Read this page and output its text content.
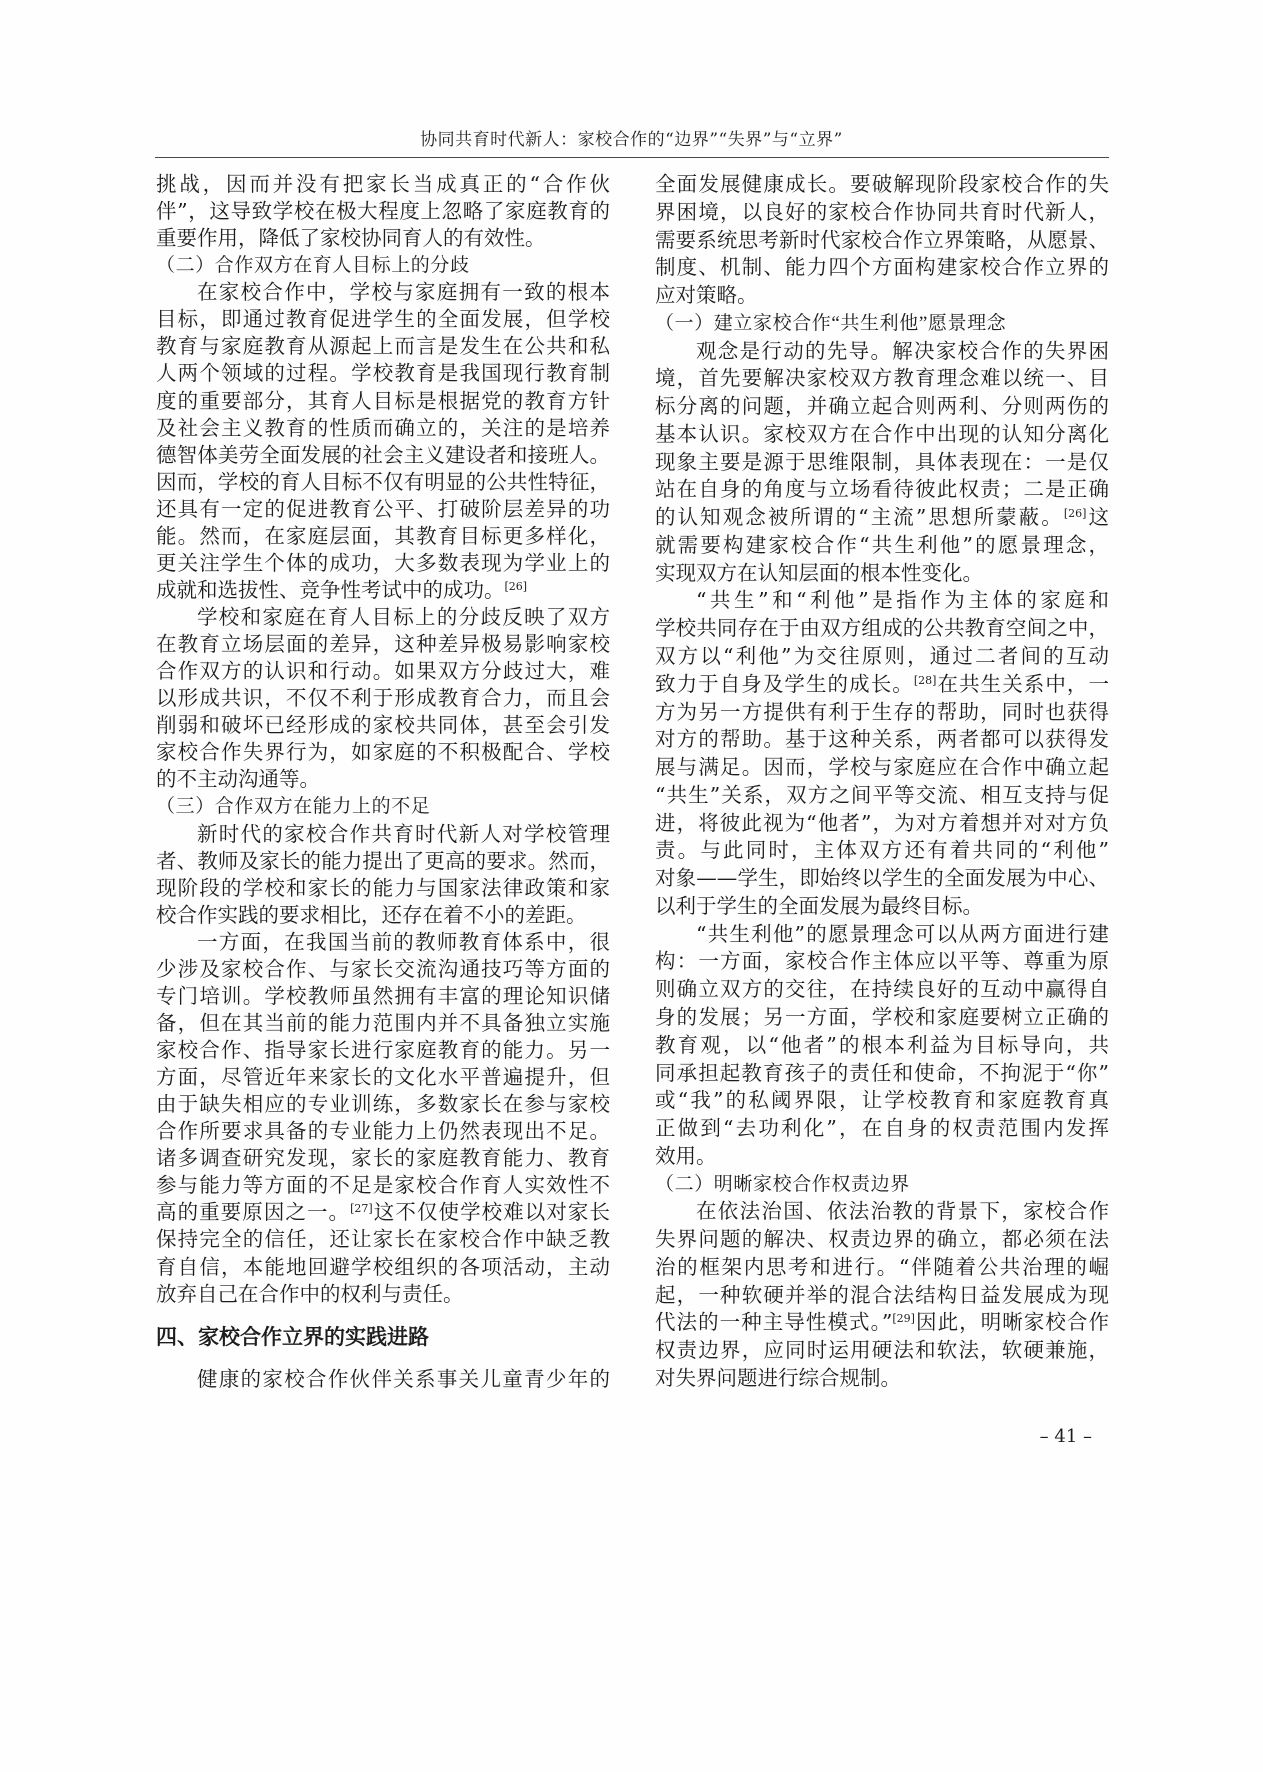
协同共育时代新人：家校合作的“边界”“失界”与“立界”
挑战，因而并没有把家长当成真正的“合作伙
伴”，这导致学校在极大程度上忽略了家庭教育的
重要作用，降低了家校协同育人的有效性。
（二）合作双方在育人目标上的分歧
在家校合作中，学校与家庭拥有一致的根本
目标，即通过教育促进学生的全面发展，但学校
教育与家庭教育从源起上而言是发生在公共和私
人两个领域的过程。学校教育是我国现行教育制
度的重要部分，其育人目标是根据党的教育方针
及社会主义教育的性质而确立的，关注的是培养
德智体美劳全面发展的社会主义建设者和接班人。
因而，学校的育人目标不仅有明显的公共性特征，
还具有一定的促进教育公平、打破阶层差异的功
能。然而，在家庭层面，其教育目标更多样化，
更关注学生个体的成功，大多数表现为学业上的
成就和选拔性、竞争性考试中的成功。[26]
学校和家庭在育人目标上的分歧反映了双方
在教育立场层面的差异，这种差异极易影响家校
合作双方的认识和行动。如果双方分歧过大，难
以形成共识，不仅不利于形成教育合力，而且会
削弱和破坏已经形成的家校共同体，甚至会引发
家校合作失界行为，如家庭的不积极配合、学校
的不主动沟通等。
（三）合作双方在能力上的不足
新时代的家校合作共育时代新人对学校管理
者、教师及家长的能力提出了更高的要求。然而，
现阶段的学校和家长的能力与国家法律政策和家
校合作实践的要求相比，还存在着不小的差距。
一方面，在我国当前的教师教育体系中，很
少涉及家校合作、与家长交流沟通技巧等方面的
专门培训。学校教师虽然拥有丰富的理论知识储
备，但在其当前的能力范围内并不具备独立实施
家校合作、指导家长进行家庭教育的能力。另一
方面，尽管近年来家长的文化水平普遍提升，但
由于缺失相应的专业训练，多数家长在参与家校
合作所要求具备的专业能力上仍然表现出不足。
诸多调查研究发现，家长的家庭教育能力、教育
参与能力等方面的不足是家校合作育人实效性不
高的重要原因之一。[27]这不仅使学校难以对家长
保持完全的信任，还让家长在家校合作中缺乏教
育自信，本能地回避学校组织的各项活动，主动
放弃自己在合作中的权利与责任。
四、家校合作立界的实践进路
健康的家校合作伙伴关系事关儿童青少年的
全面发展健康成长。要破解现阶段家校合作的失
界困境，以良好的家校合作协同共育时代新人，
需要系统思考新时代家校合作立界策略，从愿景、
制度、机制、能力四个方面构建家校合作立界的
应对策略。
（一）建立家校合作“共生利他”愿景理念
观念是行动的先导。解决家校合作的失界困
境，首先要解决家校双方教育理念难以统一、目
标分离的问题，并确立起合则两利、分则两伤的
基本认识。家校双方在合作中出现的认知分离化
现象主要是源于思维限制，具体表现在：一是仅
站在自身的角度与立场看待彼此权责；二是正确
的认知观念被所谓的“主流”思想所蒙蔽。[26]这
就需要构建家校合作“共生利他”的愿景理念，
实现双方在认知层面的根本性变化。
“共生”和“利他”是指作为主体的家庭和
学校共同存在于由双方组成的公共教育空间之中，
双方以“利他”为交往原则，通过二者间的互动
致力于自身及学生的成长。[28]在共生关系中，一
方为另一方提供有利于生存的帮助，同时也获得
对方的帮助。基于这种关系，两者都可以获得发
展与满足。因而，学校与家庭应在合作中确立起
“共生”关系，双方之间平等交流、相互支持与促
进，将彼此视为“他者”，为对方着想并对对方负
责。与此同时，主体双方还有着共同的“利他”
对象——学生，即始终以学生的全面发展为中心、
以利于学生的全面发展为最终目标。
“共生利他”的愿景理念可以从两方面进行建
构：一方面，家校合作主体应以平等、尊重为原
则确立双方的交往，在持续良好的互动中赢得自
身的发展；另一方面，学校和家庭要树立正确的
教育观，以“他者”的根本利益为目标导向，共
同承担起教育孩子的责任和使命，不拘泥于“你”
或“我”的私阈界限，让学校教育和家庭教育真
正做到“去功利化”，在自身的权责范围内发挥
效用。
（二）明晰家校合作权责边界
在依法治国、依法治教的背景下，家校合作
失界问题的解决、权责边界的确立，都必须在法
治的框架内思考和进行。“伴随着公共治理的崛
起，一种软硬并举的混合法结构日益发展成为现
代法的一种主导性模式。”[29]因此，明晰家校合作
权责边界，应同时运用硬法和软法，软硬兼施，
对失界问题进行综合规制。
– 41 –
